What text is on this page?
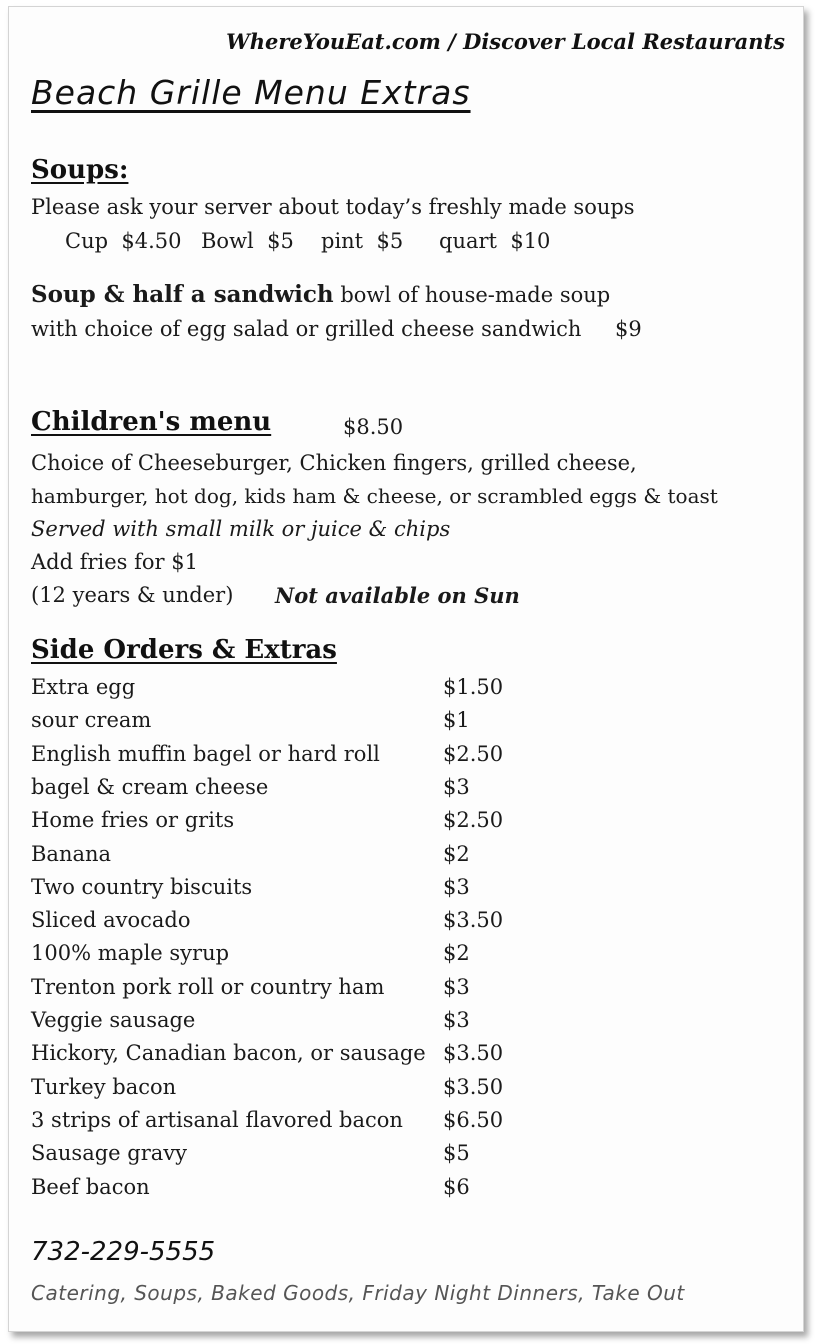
WhereYouEat.com / Discover Local Restaurants
Beach Grille Menu Extras
Soups:
Please ask your server about today’s freshly made soups
Cup $4.50 Bowl $5 pint $5 quart $10
Soup & half a sandwich bowl of house-made soup
with choice of egg salad or grilled cheese sandwich $9
Children's menu	$8.50
Choice of Cheeseburger, Chicken fingers, grilled cheese,
hamburger, hot dog, kids ham & cheese, or scrambled eggs & toast
Served with small milk or juice & chips
Add fries for $1
(12 years & under) Not available on Sun
Side Orders & Extras
Extra egg	$1.50
sour cream	$1
English muffin bagel or hard roll	$2.50
bagel & cream cheese	$3
Home fries or grits	$2.50
Banana	$2
Two country biscuits	$3
Sliced avocado	$3.50
100% maple syrup	$2
Trenton pork roll or country ham	$3
Veggie sausage	$3
Hickory, Canadian bacon, or sausage $3.50
Turkey bacon	$3.50
3 strips of artisanal flavored bacon $6.50
Sausage gravy	$5
Beef bacon	$6
732-229-5555
Catering, Soups, Baked Goods, Friday Night Dinners, Take Out
